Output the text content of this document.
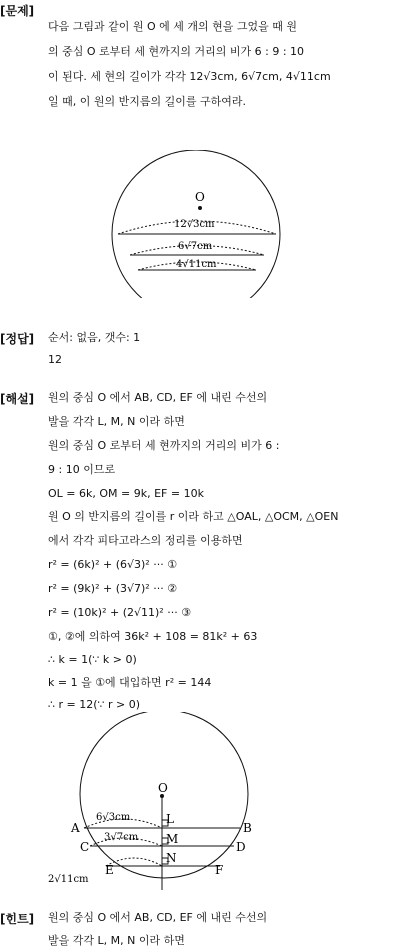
[문제]
다음 그림과 같이 원 O 에 세 개의 현을 그었을 때 원
의 중심 O 로부터 세 현까지의 거리의 비가 6 : 9 : 10
이 된다. 세 현의 길이가 각각 12√3cm, 6√7cm, 4√11cm
일 때, 이 원의 반지름의 길이를 구하여라.
O
12√3cm
6√7cm
4√11cm
[정답] 순서: 없음, 갯수: 1
12
[해설] 원의 중심 O 에서 AB, CD, EF 에 내린 수선의
발을 각각 L, M, N 이라 하면
원의 중심 O 로부터 세 현까지의 거리의 비가 6 :
9 : 10 이므로
OL = 6k, OM = 9k, EF = 10k
원 O 의 반지름의 길이를 r 이라 하고 △OAL, △OCM, △OEN
에서 각각 피타고라스의 정리를 이용하면
r² = (6k)² + (6√3)² ··· ①
r² = (9k)² + (3√7)² ··· ②
r² = (10k)² + (2√11)² ··· ③
①, ②에 의하여 36k² + 108 = 81k² + 63
∴ k = 1(∵ k > 0)
k = 1 을 ①에 대입하면 r² = 144
∴ r = 12(∵ r > 0)
O
L
M
N
A	B
C	D
E	F
6√3cm
3√7cm
2√11cm
[힌트] 원의 중심 O 에서 AB, CD, EF 에 내린 수선의
발을 각각 L, M, N 이라 하면
